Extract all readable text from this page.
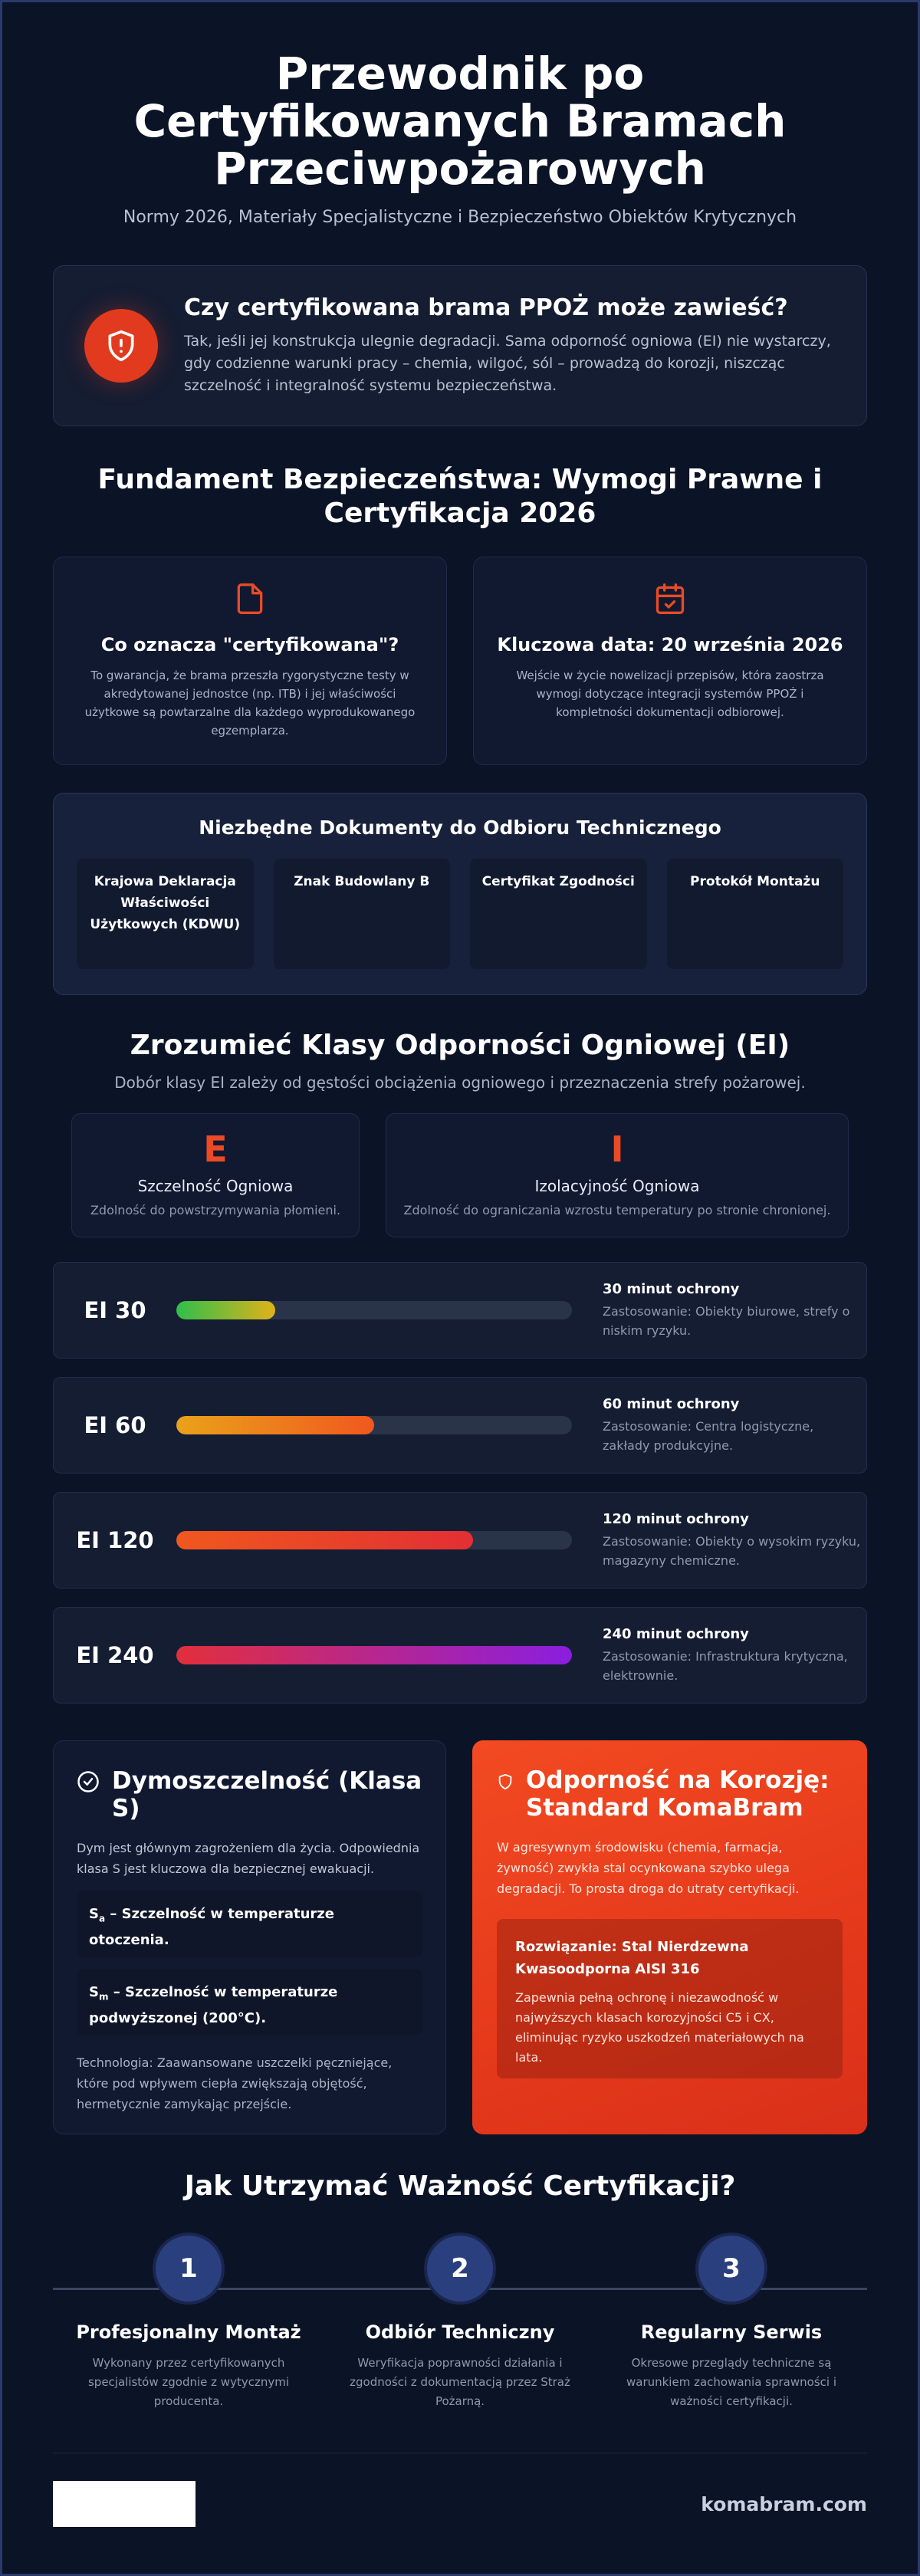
Przewodnik po Certyfikowanych Bramach Przeciwpożarowych

Normy 2026, Materiały Specjalistyczne i Bezpieczeństwo Obiektów Krytycznych

Czy certyfikowana brama PPOŻ może zawieść?

Tak, jeśli jej konstrukcja ulegnie degradacji. Sama odporność ogniowa (EI) nie wystarczy, gdy codzienne warunki pracy – chemia, wilgoć, sól – prowadzą do korozji, niszcząc szczelność i integralność systemu bezpieczeństwa.

Fundament Bezpieczeństwa: Wymogi Prawne i Certyfikacja 2026
Co oznacza "certyfikowana"?

To gwarancja, że brama przeszła rygorystyczne testy w akredytowanej jednostce (np. ITB) i jej właściwości użytkowe są powtarzalne dla każdego wyprodukowanego egzemplarza.

Kluczowa data: 20 września 2026

Wejście w życie nowelizacji przepisów, która zaostrza wymogi dotyczące integracji systemów PPOŻ i kompletności dokumentacji odbiorowej.

Niezbędne Dokumenty do Odbioru Technicznego
Krajowa Deklaracja Właściwości Użytkowych (KDWU)
Znak Budowlany B	Certyfikat Zgodności	Protokół Montażu
Zrozumieć Klasy Odporności Ogniowej (EI)

Dobór klasy EI zależy od gęstości obciążenia ogniowego i przeznaczenia strefy pożarowej.

E
Szczelność Ogniowa
Zdolność do powstrzymywania płomieni.
I
Izolacyjność Ogniowa
Zdolność do ograniczania wzrostu temperatury po stronie chronionej.
EI 30
30 minut ochrony
Zastosowanie: Obiekty biurowe, strefy o niskim ryzyku.
EI 60
60 minut ochrony
Zastosowanie: Centra logistyczne, zakłady produkcyjne.
EI 120
120 minut ochrony
Zastosowanie: Obiekty o wysokim ryzyku, magazyny chemiczne.
EI 240
240 minut ochrony
Zastosowanie: Infrastruktura krytyczna, elektrownie.
Dymoszczelność (Klasa S)

Dym jest głównym zagrożeniem dla życia. Odpowiednia klasa S jest kluczowa dla bezpiecznej ewakuacji.

$S_a$ – Szczelność w temperaturze otoczenia.
$S_m$ – Szczelność w temperaturze podwyższonej (200°C).

Technologia: Zaawansowane uszczelki pęczniejące, które pod wpływem ciepła zwiększają objętość, hermetycznie zamykając przejście.

Odporność na Korozję: Standard KomaBram

W agresywnym środowisku (chemia, farmacja, żywność) zwykła stal ocynkowana szybko ulega degradacji. To prosta droga do utraty certyfikacji.

Rozwiązanie: Stal Nierdzewna Kwasoodporna AISI 316

Zapewnia pełną ochronę i niezawodność w najwyższych klasach korozyjności C5 i CX, eliminując ryzyko uszkodzeń materiałowych na lata.

Jak Utrzymać Ważność Certyfikacji?
1
Profesjonalny Montaż

Wykonany przez certyfikowanych specjalistów zgodnie z wytycznymi producenta.

2
Odbiór Techniczny

Weryfikacja poprawności działania i zgodności z dokumentacją przez Straż Pożarną.

3
Regularny Serwis

Okresowe przeglądy techniczne są warunkiem zachowania sprawności i ważności certyfikacji.

komabram.com
